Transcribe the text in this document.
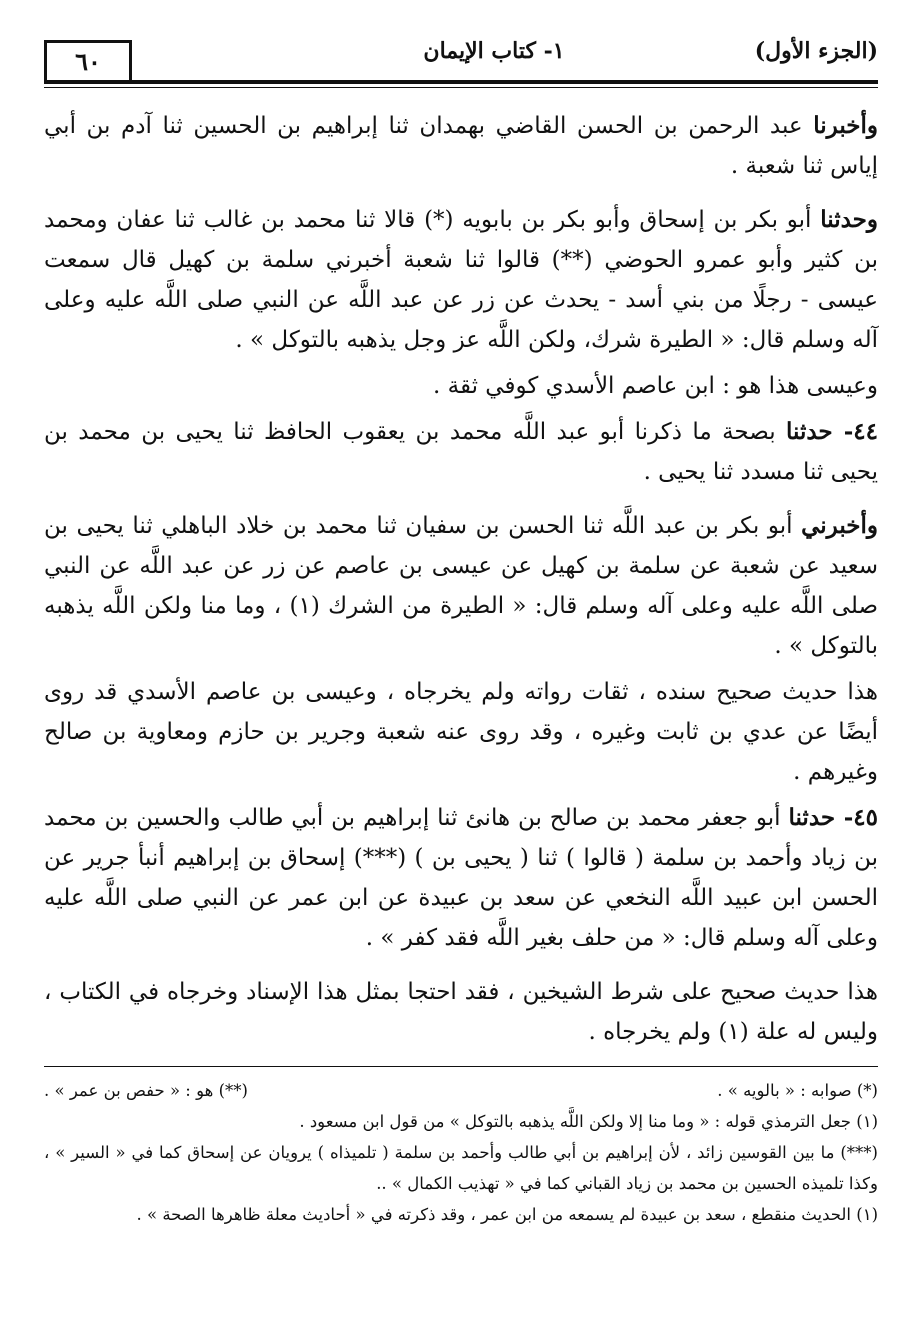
٦٠	١- كتاب الإيمان	(الجزء الأول)

وأخبرنا عبد الرحمن بن الحسن القاضي بهمدان ثنا إبراهيم بن الحسين ثنا آدم بن أبي إياس ثنا شعبة .

وحدثنا أبو بكر بن إسحاق وأبو بكر بن بابويه (*) قالا ثنا محمد بن غالب ثنا عفان ومحمد بن كثير وأبو عمرو الحوضي (**) قالوا ثنا شعبة أخبرني سلمة بن كهيل قال سمعت عيسى - رجلًا من بني أسد - يحدث عن زر عن عبد اللَّه عن النبي صلى اللَّه عليه وعلى آله وسلم قال: « الطيرة شرك، ولكن اللَّه عز وجل يذهبه بالتوكل » .

وعيسى هذا هو : ابن عاصم الأسدي كوفي ثقة .

٤٤- حدثنا بصحة ما ذكرنا أبو عبد اللَّه محمد بن يعقوب الحافظ ثنا يحيى بن محمد بن يحيى ثنا مسدد ثنا يحيى .

وأخبرني أبو بكر بن عبد اللَّه ثنا الحسن بن سفيان ثنا محمد بن خلاد الباهلي ثنا يحيى بن سعيد عن شعبة عن سلمة بن كهيل عن عيسى بن عاصم عن زر عن عبد اللَّه عن النبي صلى اللَّه عليه وعلى آله وسلم قال: « الطيرة من الشرك (١) ، وما منا ولكن اللَّه يذهبه بالتوكل » .

هذا حديث صحيح سنده ، ثقات رواته ولم يخرجاه ، وعيسى بن عاصم الأسدي قد روى أيضًا عن عدي بن ثابت وغيره ، وقد روى عنه شعبة وجرير بن حازم ومعاوية بن صالح وغيرهم .

٤٥- حدثنا أبو جعفر محمد بن صالح بن هانئ ثنا إبراهيم بن أبي طالب والحسين بن محمد بن زياد وأحمد بن سلمة ( قالوا ) ثنا ( يحيى بن ) (***) إسحاق بن إبراهيم أنبأ جرير عن الحسن ابن عبيد اللَّه النخعي عن سعد بن عبيدة عن ابن عمر عن النبي صلى اللَّه عليه وعلى آله وسلم قال: « من حلف بغير اللَّه فقد كفر » .

هذا حديث صحيح على شرط الشيخين ، فقد احتجا بمثل هذا الإسناد وخرجاه في الكتاب ، وليس له علة (١) ولم يخرجاه .

(*) صوابه : « بالويه » .
(**) هو : « حفص بن عمر » .

(١) جعل الترمذي قوله : « وما منا إلا ولكن اللَّه يذهبه بالتوكل » من قول ابن مسعود .

(***) ما بين القوسين زائد ، لأن إبراهيم بن أبي طالب وأحمد بن سلمة ( تلميذاه ) يرويان عن إسحاق كما في « السير » ، وكذا تلميذه الحسين بن محمد بن زياد القباني كما في « تهذيب الكمال » ..

(١) الحديث منقطع ، سعد بن عبيدة لم يسمعه من ابن عمر ، وقد ذكرته في « أحاديث معلة ظاهرها الصحة » .
